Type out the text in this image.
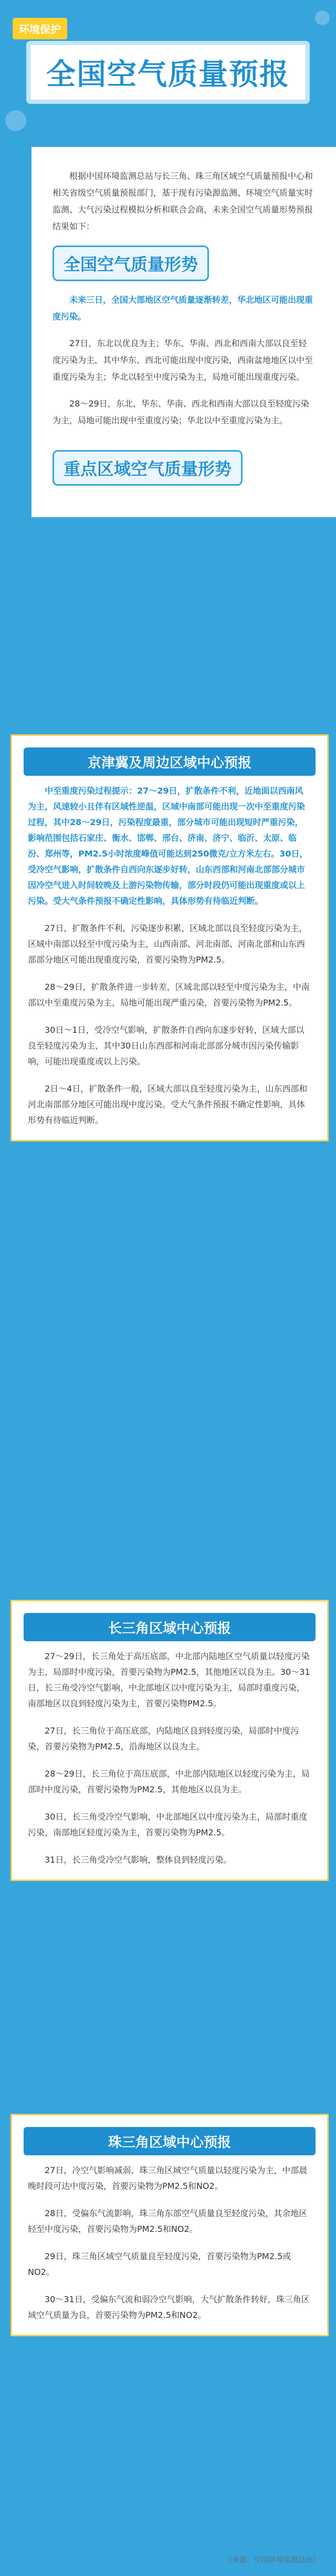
环境保护
全国空气质量预报

根据中国环境监测总站与长三角、珠三角区域空气质量预报中心和相关省级空气质量预报部门，基于现有污染源监测、环境空气质量实时监测、大气污染过程模拟分析和联合会商，未来全国空气质量形势预报结果如下：

全国空气质量形势

未来三日，全国大部地区空气质量逐渐转差，华北地区可能出现重度污染。

27日，东北以优良为主；华东、华南、西北和西南大部以良至轻度污染为主，其中华东、西北可能出现中度污染，西南盆地地区以中至重度污染为主；华北以轻至中度污染为主，局地可能出现重度污染。

28～29日，东北、华东、华南、西北和西南大部以良至轻度污染为主，局地可能出现中至重度污染；华北以中至重度污染为主。

重点区域空气质量形势
京津冀及周边区域中心预报

中至重度污染过程提示：27～29日，扩散条件不利，近地面以西南风为主，风速较小且伴有区域性逆温，区域中南部可能出现一次中至重度污染过程，其中28～29日，污染程度最重，部分城市可能出现短时严重污染，影响范围包括石家庄、衡水、邯郸、邢台、济南、济宁、临沂、太原、临汾、郑州等，PM2.5小时浓度峰值可能达到250微克/立方米左右。30日，受冷空气影响，扩散条件自西向东逐步好转，山东西部和河南北部部分城市因冷空气进入时间较晚及上游污染物传输，部分时段仍可能出现重度或以上污染。受大气条件预报不确定性影响，具体形势有待临近判断。

27日，扩散条件不利，污染逐步积累，区域北部以良至轻度污染为主，区域中南部以轻至中度污染为主，山西南部、河北南部、河南北部和山东西部部分地区可能出现重度污染，首要污染物为PM2.5。

28～29日，扩散条件进一步转差，区域北部以轻至中度污染为主，中南部以中至重度污染为主，局地可能出现严重污染，首要污染物为PM2.5。

30日～1日，受冷空气影响，扩散条件自西向东逐步好转，区域大部以良至轻度污染为主，其中30日山东西部和河南北部部分城市因污染传输影响，可能出现重度或以上污染。

2日～4日，扩散条件一般，区域大部以良至轻度污染为主，山东西部和河北南部部分地区可能出现中度污染。受大气条件预报不确定性影响，具体形势有待临近判断。

长三角区域中心预报

27～29日，长三角处于高压底部，中北部内陆地区空气质量以轻度污染为主，局部时中度污染，首要污染物为PM2.5，其他地区以良为主。30～31日，长三角受冷空气影响，中北部地区以中度污染为主，局部时重度污染，南部地区以良到轻度污染为主，首要污染物PM2.5。

27日，长三角位于高压底部，内陆地区良到轻度污染，局部时中度污染，首要污染物为PM2.5，沿海地区以良为主。

28～29日，长三角位于高压底部，中北部内陆地区以轻度污染为主，局部时中度污染，首要污染物为PM2.5，其他地区以良为主。

30日，长三角受冷空气影响，中北部地区以中度污染为主，局部时重度污染，南部地区轻度污染为主，首要污染物为PM2.5。

31日，长三角受冷空气影响，整体良到轻度污染。

珠三角区域中心预报

27日，冷空气影响减弱，珠三角区域空气质量以轻度污染为主，中部晨晚时段可达中度污染，首要污染物为PM2.5和NO2。

28日，受偏东气流影响，珠三角东部空气质量良至轻度污染，其余地区轻至中度污染，首要污染物为PM2.5和NO2。

29日，珠三角区域空气质量良至轻度污染，首要污染物为PM2.5或NO2。

30～31日，受偏东气流和弱冷空气影响，大气扩散条件转好，珠三角区域空气质量为良，首要污染物为PM2.5和NO2。

（来源：中国环境监测总站）
